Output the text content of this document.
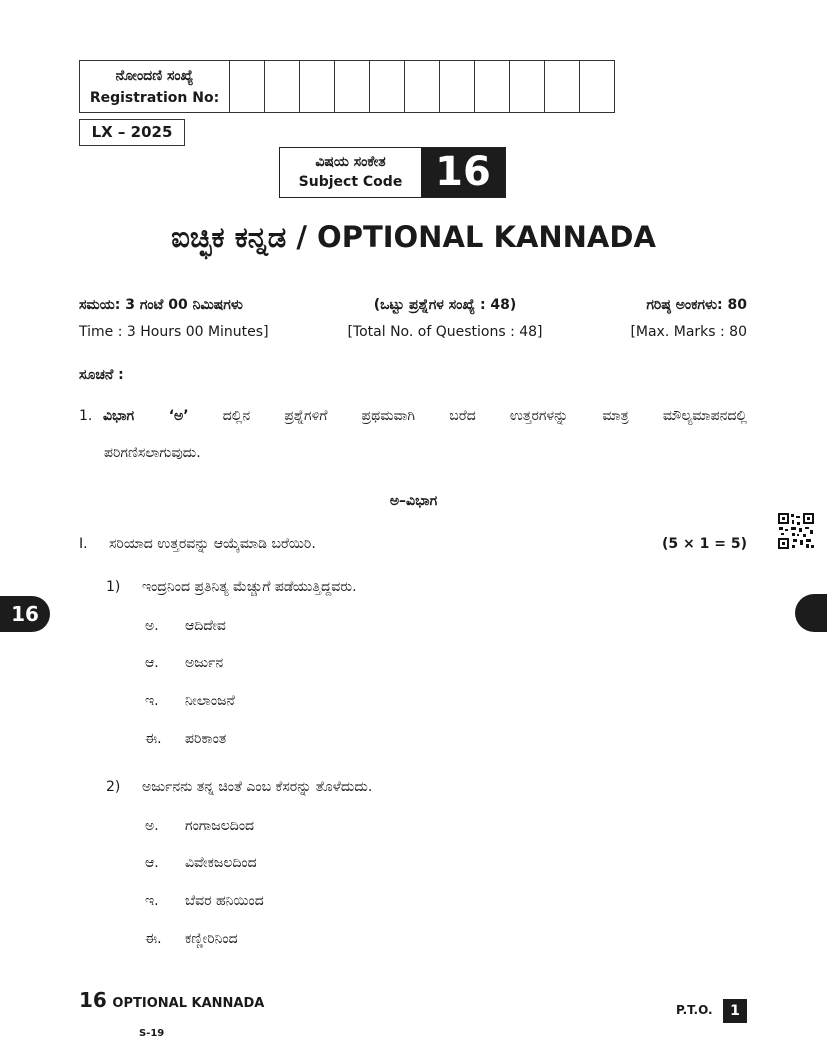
ನೋಂದಣಿ ಸಂಖ್ಯೆ
Registration No:

LX – 2025
ವಿಷಯ ಸಂಕೇತ
Subject Code 16
ಐಚ್ಛಿಕ ಕನ್ನಡ / OPTIONAL KANNADA
ಸಮಯ: 3 ಗಂಟೆ 00 ನಿಮಿಷಗಳು
Time : 3 Hours 00 Minutes]
(ಒಟ್ಟು ಪ್ರಶ್ನೆಗಳ ಸಂಖ್ಯೆ : 48)
[Total No. of Questions : 48]
ಗರಿಷ್ಠ ಅಂಕಗಳು: 80
[Max. Marks : 80
ಸೂಚನೆ :
1. ವಿಭಾಗ ‘ಅ’ ದಲ್ಲಿನ ಪ್ರಶ್ನೆಗಳಿಗೆ ಪ್ರಥಮವಾಗಿ ಬರೆದ ಉತ್ತರಗಳನ್ನು ಮಾತ್ರ ಮೌಲ್ಯಮಾಪನದಲ್ಲಿ
ಪರಿಗಣಿಸಲಾಗುವುದು.
ಅ–ವಿಭಾಗ
I. ಸರಿಯಾದ ಉತ್ತರವನ್ನು ಆಯ್ಕೆಮಾಡಿ ಬರೆಯಿರಿ.	(5 × 1 = 5)
1) ಇಂದ್ರನಿಂದ ಪ್ರತಿನಿತ್ಯ ಮೆಚ್ಚುಗೆ ಪಡೆಯುತ್ತಿದ್ದವರು.
ಅ. ಆದಿದೇವ
ಆ. ಅರ್ಜುನ
ಇ. ನೀಲಾಂಜನೆ
ಈ. ಪರಿಕಾಂತ
2) ಅರ್ಜುನನು ತನ್ನ ಚಿಂತೆ ಎಂಬ ಕೆಸರನ್ನು ತೊಳೆದುದು.
ಅ. ಗಂಗಾಜಲದಿಂದ
ಆ. ವಿವೇಕಜಲದಿಂದ
ಇ. ಬೆವರ ಹನಿಯಿಂದ
ಈ. ಕಣ್ಣೀರಿನಿಂದ
16
16 OPTIONAL KANNADA	P.T.O.	1
S-19
